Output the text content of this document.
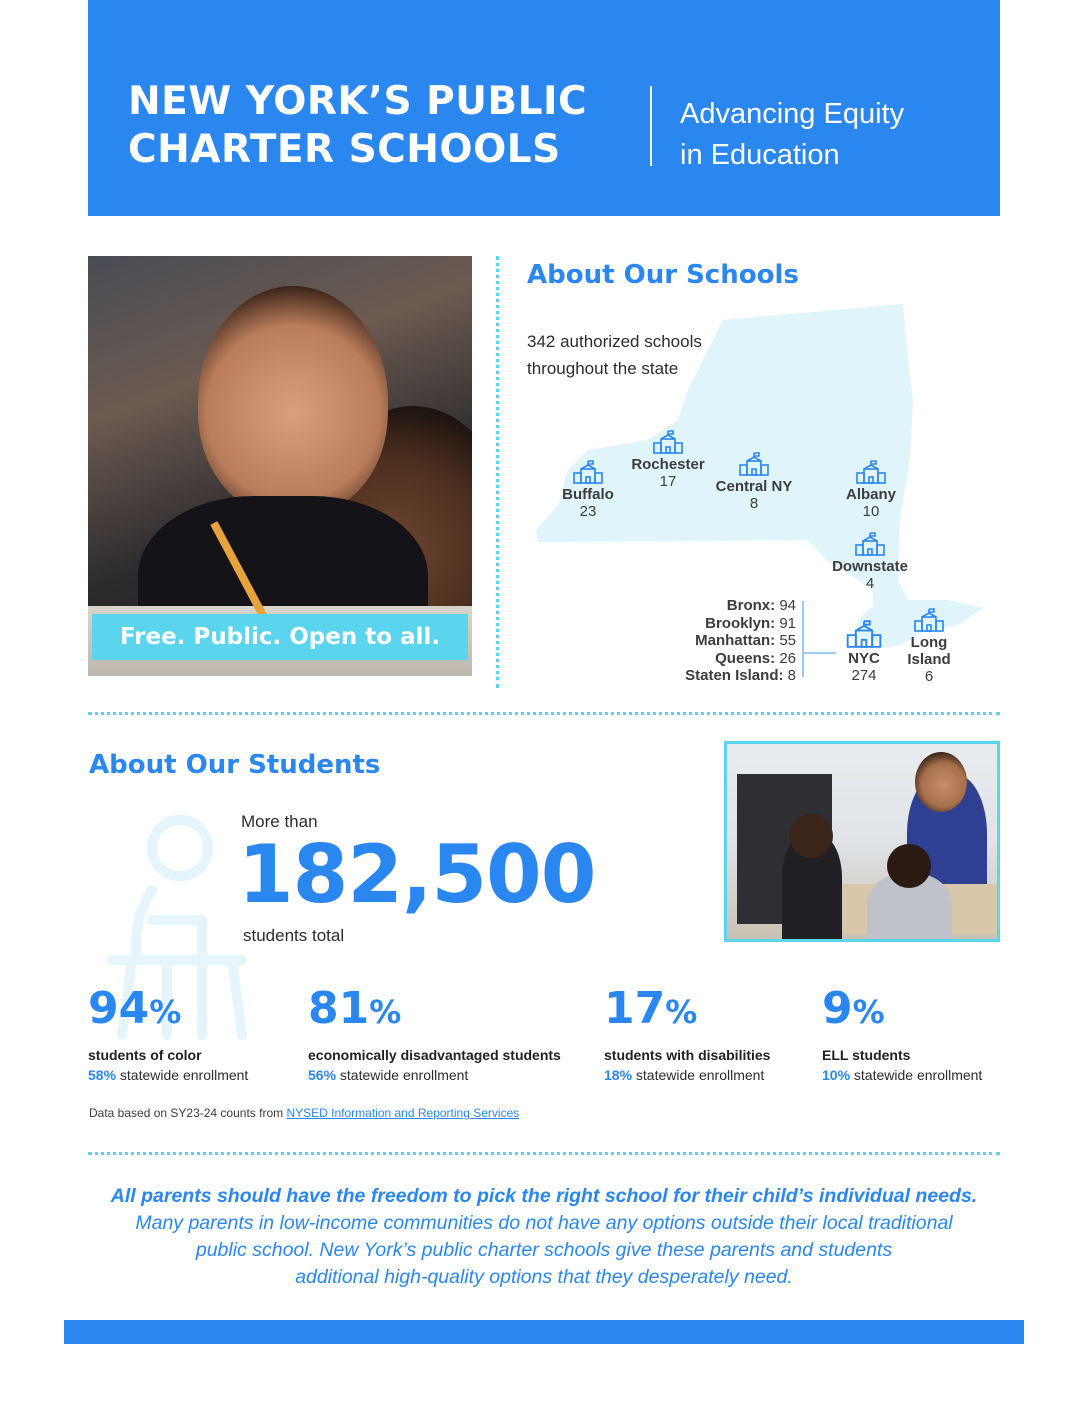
NEW YORK’S PUBLIC
CHARTER SCHOOLS
Advancing Equity
in Education
Free. Public. Open to all.
About Our Schools
342 authorized schools
throughout the state
Buffalo
23
Rochester
17	Central NY
8
Albany
10
Downstate
4
NYC
274
Long
Island
6
Bronx: 94
Brooklyn: 91
Manhattan: 55
Queens: 26
Staten Island: 8
About Our Students
More than
182,500
students total
94%
students of color
58% statewide enrollment
81%
economically disadvantaged students
56% statewide enrollment
17%
students with disabilities
18% statewide enrollment
9%
ELL students
10% statewide enrollment
Data based on SY23-24 counts from NYSED Information and Reporting Services
All parents should have the freedom to pick the right school for their child’s individual needs.
Many parents in low-income communities do not have any options outside their local traditional
public school. New York’s public charter schools give these parents and students
additional high-quality options that they desperately need.
